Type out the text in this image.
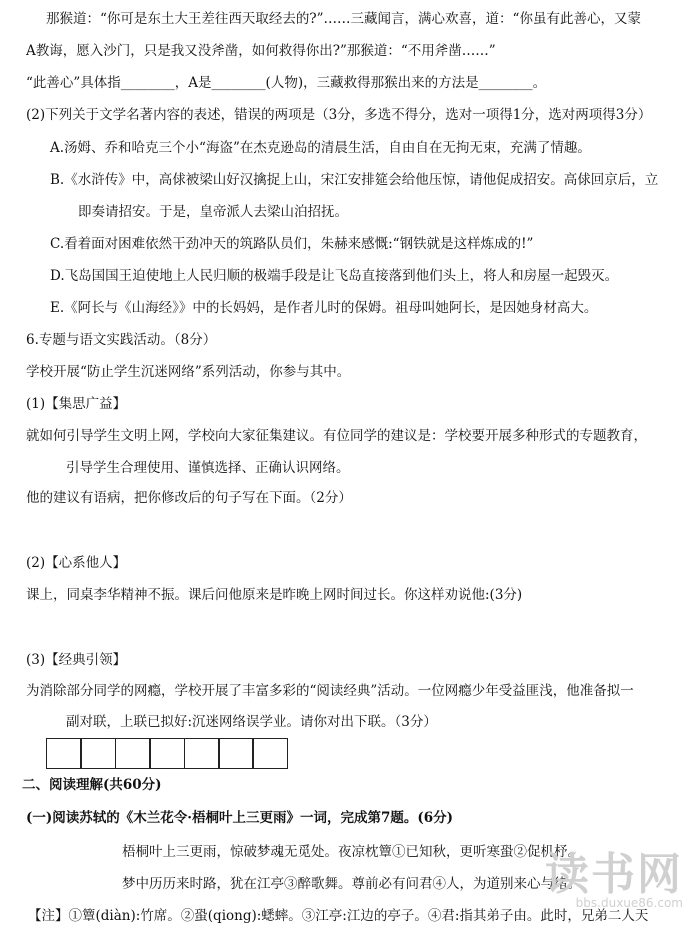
那猴道：“你可是东土大王差往西天取经去的?”……三藏闻言，满心欢喜，道：“你虽有此善心，又蒙
A教诲，愿入沙门，只是我又没斧凿，如何救得你出?”那猴道：“不用斧凿……”
“此善心”具体指________，A是________(人物)，三藏救得那猴出来的方法是________。
(2)下列关于文学名著内容的表述，错误的两项是（3分，多选不得分，选对一项得1分，选对两项得3分）
A.汤姆、乔和哈克三个小“海盗”在杰克逊岛的清晨生活，自由自在无拘无束，充满了情趣。
B.《水浒传》中，高俅被梁山好汉擒捉上山，宋江安排筵会给他压惊，请他促成招安。高俅回京后，立
即奏请招安。于是，皇帝派人去梁山泊招抚。
C.看着面对困难依然干劲冲天的筑路队员们，朱赫来感慨:“钢铁就是这样炼成的!”
D.飞岛国国王迫使地上人民归顺的极端手段是让飞岛直接落到他们头上，将人和房屋一起毁灭。
E.《阿长与《山海经》》中的长妈妈，是作者儿时的保姆。祖母叫她阿长，是因她身材高大。
6.专题与语文实践活动。（8分）
学校开展“防止学生沉迷网络”系列活动，你参与其中。
(1)【集思广益】
就如何引导学生文明上网，学校向大家征集建议。有位同学的建议是：学校要开展多种形式的专题教育，
引导学生合理使用、谨慎选择、正确认识网络。
他的建议有语病，把你修改后的句子写在下面。（2分）
(2)【心系他人】
课上，同桌李华精神不振。课后问他原来是昨晚上网时间过长。你这样劝说他:(3分)
(3)【经典引领】
为消除部分同学的网瘾，学校开展了丰富多彩的“阅读经典”活动。一位网瘾少年受益匪浅，他准备拟一
副对联，上联已拟好:沉迷网络误学业。请你对出下联。（3分）
二、阅读理解(共60分)
(一)阅读苏轼的《木兰花令·梧桐叶上三更雨》一词，完成第7题。(6分)
梧桐叶上三更雨，惊破梦魂无觅处。夜凉枕簟①已知秋，更听寒蛩②促机杼。
梦中历历来时路，犹在江亭③醉歌舞。尊前必有问君④人，为道别来心与绪。
【注】①簟(diàn):竹席。②蛩(qiong):蟋蟀。③江亭:江边的亭子。④君:指其弟子由。此时，兄弟二人天
读书网
bbs.duxue86.com
